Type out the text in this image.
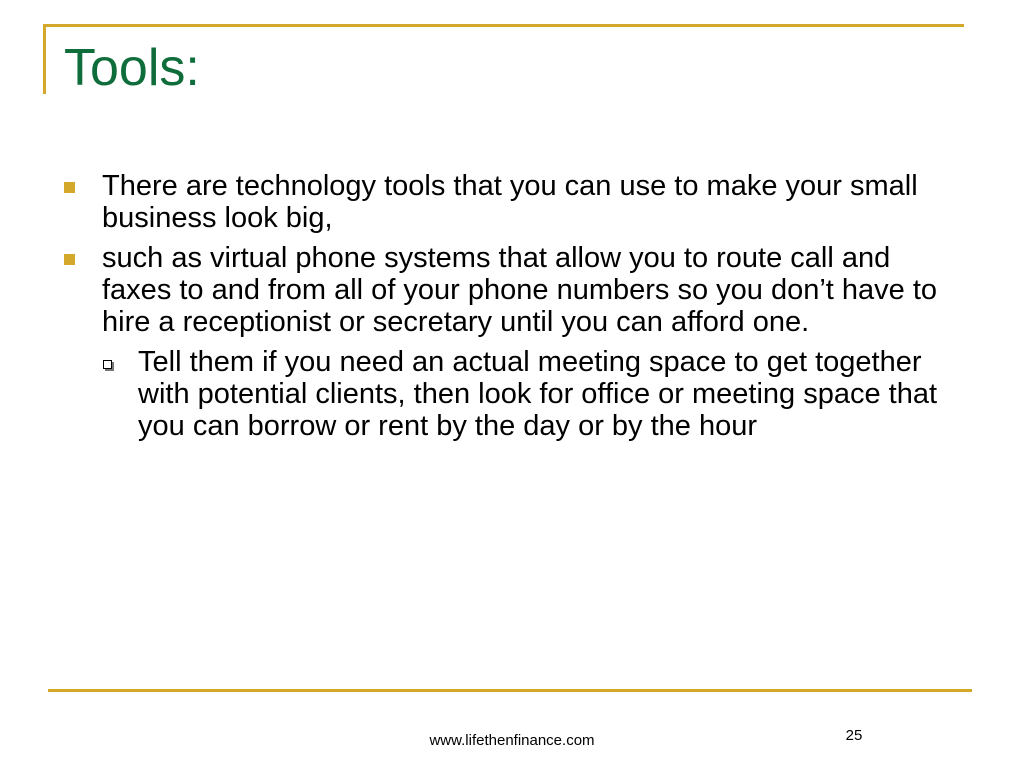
Tools:
There are technology tools that you can use to make your small business look big,
such as virtual phone systems that allow you to route call and faxes to and from all of your phone numbers so you don’t have to hire a receptionist or secretary until you can afford one.
Tell them if you need an actual meeting space to get together with potential clients, then look for office or meeting space that you can borrow or rent by the day or by the hour
www.lifethenfinance.com	25
